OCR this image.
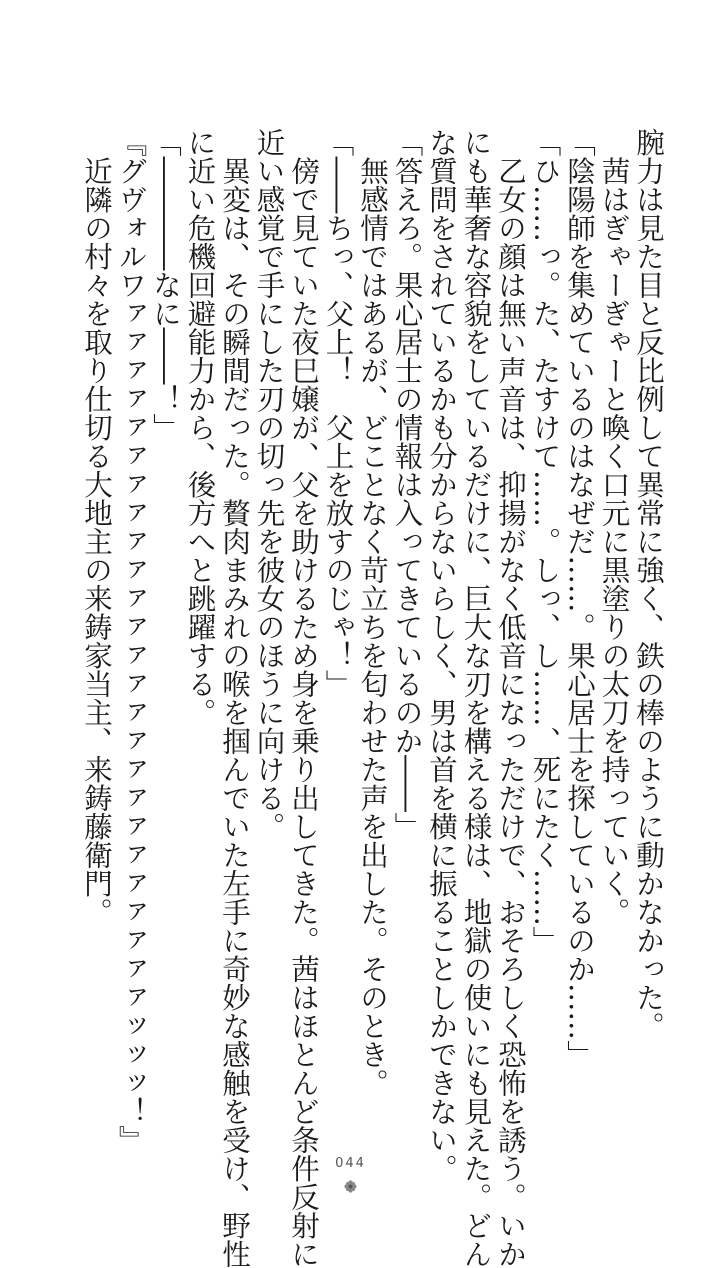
腕力は見た目と反比例して異常に強く、鉄の棒のように動かなかった。

　茜はぎゃーぎゃーと喚く口元に黒塗りの太刀を持っていく。

「陰陽師を集めているのはなぜだ……。果心居士を探しているのか……」

「ひ……っ。た、たすけて……。しっ、し……、死にたく……」

　乙女の顔は無い声音は、抑揚がなく低音になっただけで、おそろしく恐怖を誘う。いか

にも華奢な容貌をしているだけに、巨大な刃を構える様は、地獄の使いにも見えた。どん

な質問をされているかも分からないらしく、男は首を横に振ることしかできない。

「答えろ。果心居士の情報は入ってきているのか――」

　無感情ではあるが、どことなく苛立ちを匂わせた声を出した。そのとき。

「――ちっ、父上！　父上を放すのじゃ！」

　傍で見ていた夜巳嬢が、父を助けるため身を乗り出してきた。茜はほとんど条件反射に

近い感覚で手にした刃の切っ先を彼女のほうに向ける。

　異変は、その瞬間だった。贅肉まみれの喉を掴んでいた左手に奇妙な感触を受け、野性

に近い危機回避能力から、後方へと跳躍する。

「――――なに――！」

『グヴォルワァァァァァァァァァァァァァァァァァァァァァァァァァッッッ！』

　近隣の村々を取り仕切る大地主の来鋳家当主、来鋳藤衛門。

044
